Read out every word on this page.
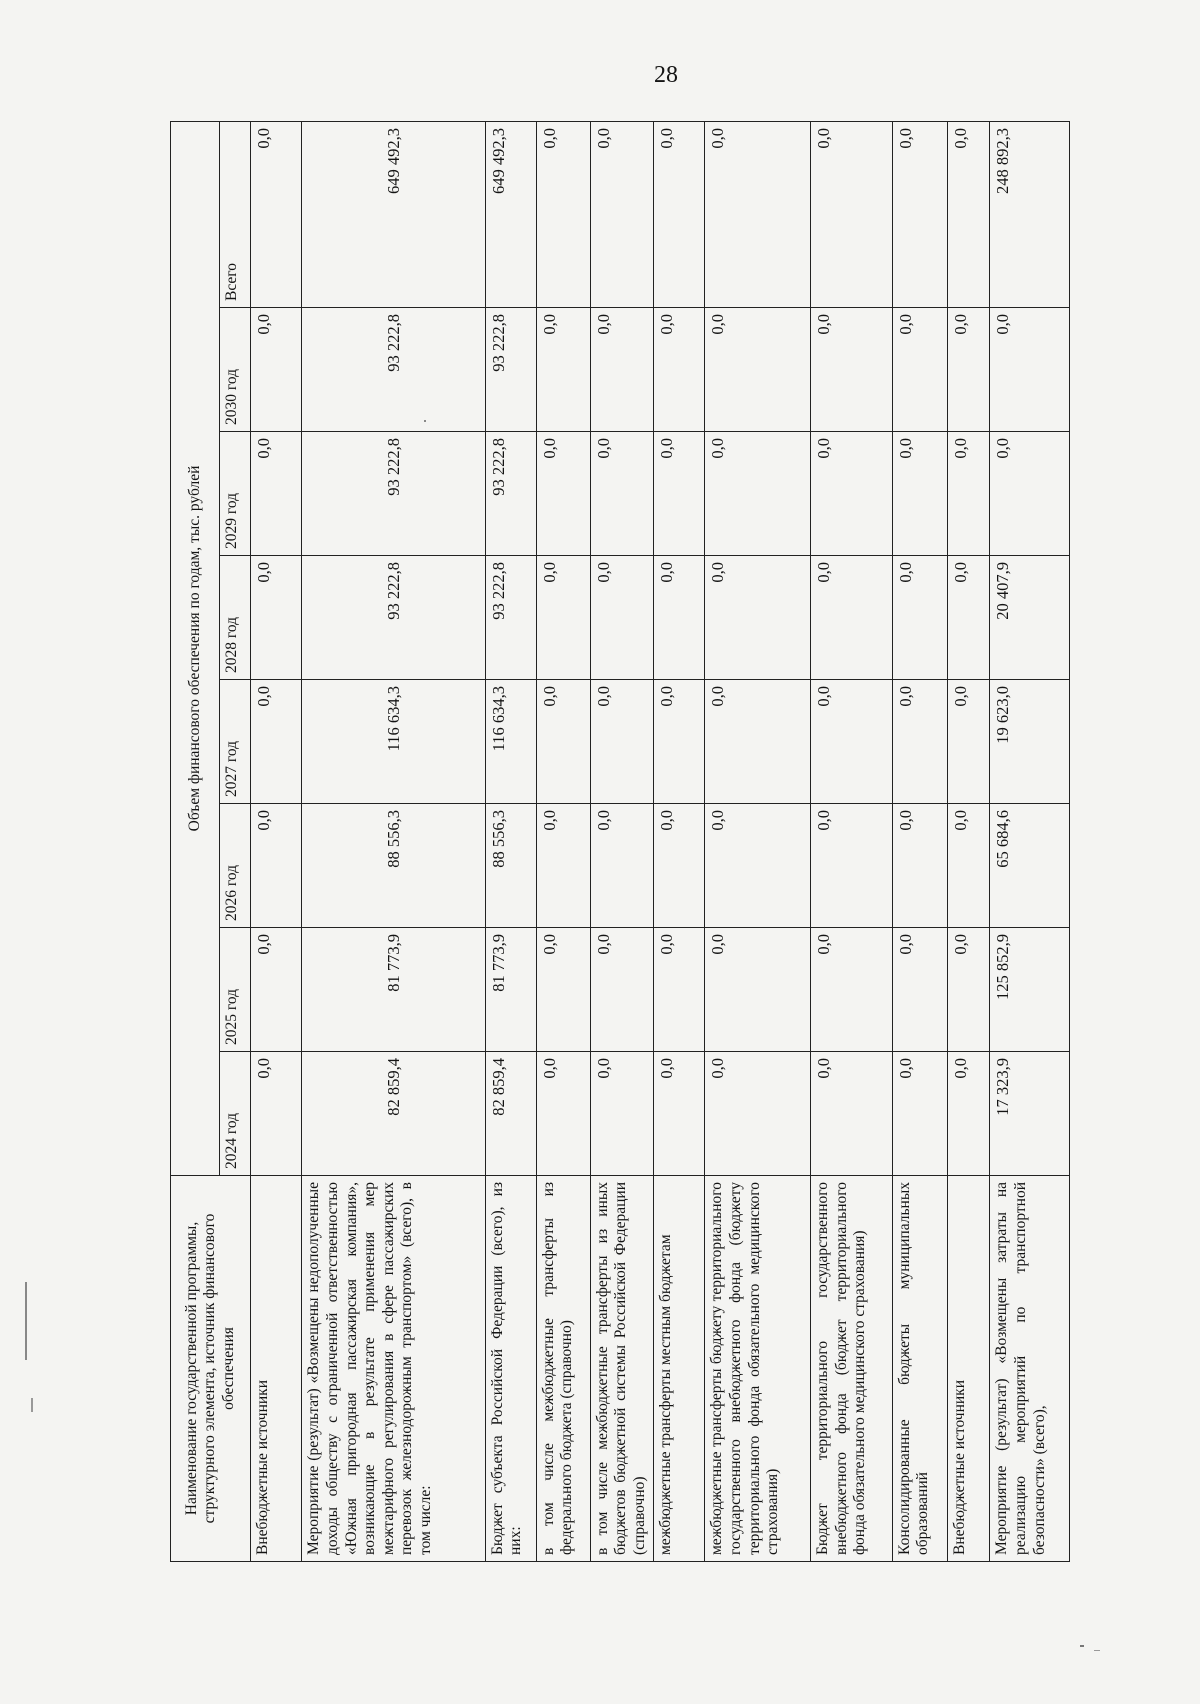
28
Наименование государственной программы, структурного элемента, источник финансового обеспечения	Объем финансового обеспечения по годам, тыс. рублей							
	2024 год	2025 год	2026 год	2027 год	2028 год	2029 год	2030 год	Всего
Внебюджетные источники	0,0	0,0	0,0	0,0	0,0	0,0	0,0	0,0
Мероприятие (результат) «Возмещены недополученные доходы обществу с ограниченной ответственностью «Южная пригородная пассажирская компания», возникающие в результате применения мер межтарифного регулирования в сфере пассажирских перевозок железнодорожным транспортом» (всего), в том числе:	82 859,4	81 773,9	88 556,3	116 634,3	93 222,8	93 222,8	93 222,8	649 492,3
Бюджет субъекта Российской Федерации (всего), из них:	82 859,4	81 773,9	88 556,3	116 634,3	93 222,8	93 222,8	93 222,8	649 492,3
в том числе межбюджетные трансферты из федерального бюджета (справочно)	0,0	0,0	0,0	0,0	0,0	0,0	0,0	0,0
в том числе межбюджетные трансферты из иных бюджетов бюджетной системы Российской Федерации (справочно)	0,0	0,0	0,0	0,0	0,0	0,0	0,0	0,0
межбюджетные трансферты местным бюджетам	0,0	0,0	0,0	0,0	0,0	0,0	0,0	0,0
межбюджетные трансферты бюджету территориального государственного внебюджетного фонда (бюджету территориального фонда обязательного медицинского страхования)	0,0	0,0	0,0	0,0	0,0	0,0	0,0	0,0
Бюджет территориального государственного внебюджетного фонда (бюджет территориального фонда обязательного медицинского страхования)	0,0	0,0	0,0	0,0	0,0	0,0	0,0	0,0
Консолидированные бюджеты муниципальных образований	0,0	0,0	0,0	0,0	0,0	0,0	0,0	0,0
Внебюджетные источники	0,0	0,0	0,0	0,0	0,0	0,0	0,0	0,0
Мероприятие (результат) «Возмещены затраты на реализацию мероприятий по транспортной безопасности» (всего),	17 323,9	125 852,9	65 684,6	19 623,0	20 407,9	0,0	0,0	248 892,3
